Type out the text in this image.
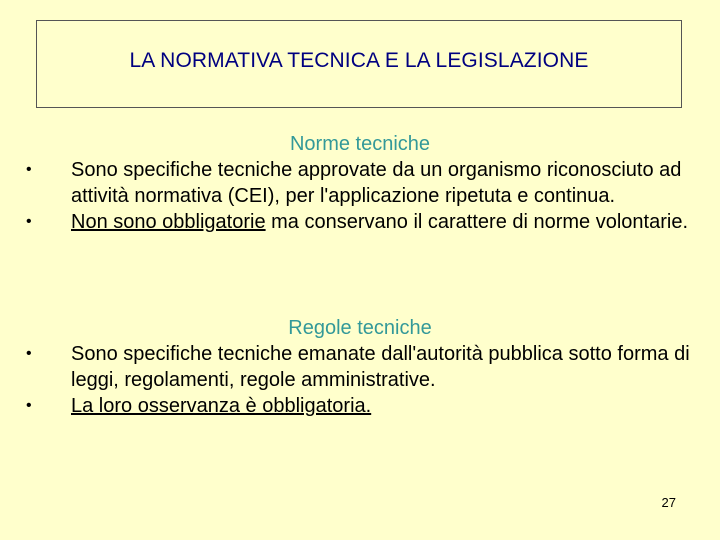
LA NORMATIVA TECNICA E LA LEGISLAZIONE
Norme tecniche
•	Sono specifiche tecniche approvate da un organismo riconosciuto ad attività normativa (CEI), per l'applicazione ripetuta e continua.
•	Non sono obbligatorie ma conservano il carattere di norme volontarie.
Regole tecniche
•	Sono specifiche tecniche emanate dall'autorità pubblica sotto forma di leggi, regolamenti, regole amministrative.
•	La loro osservanza è obbligatoria.
27
